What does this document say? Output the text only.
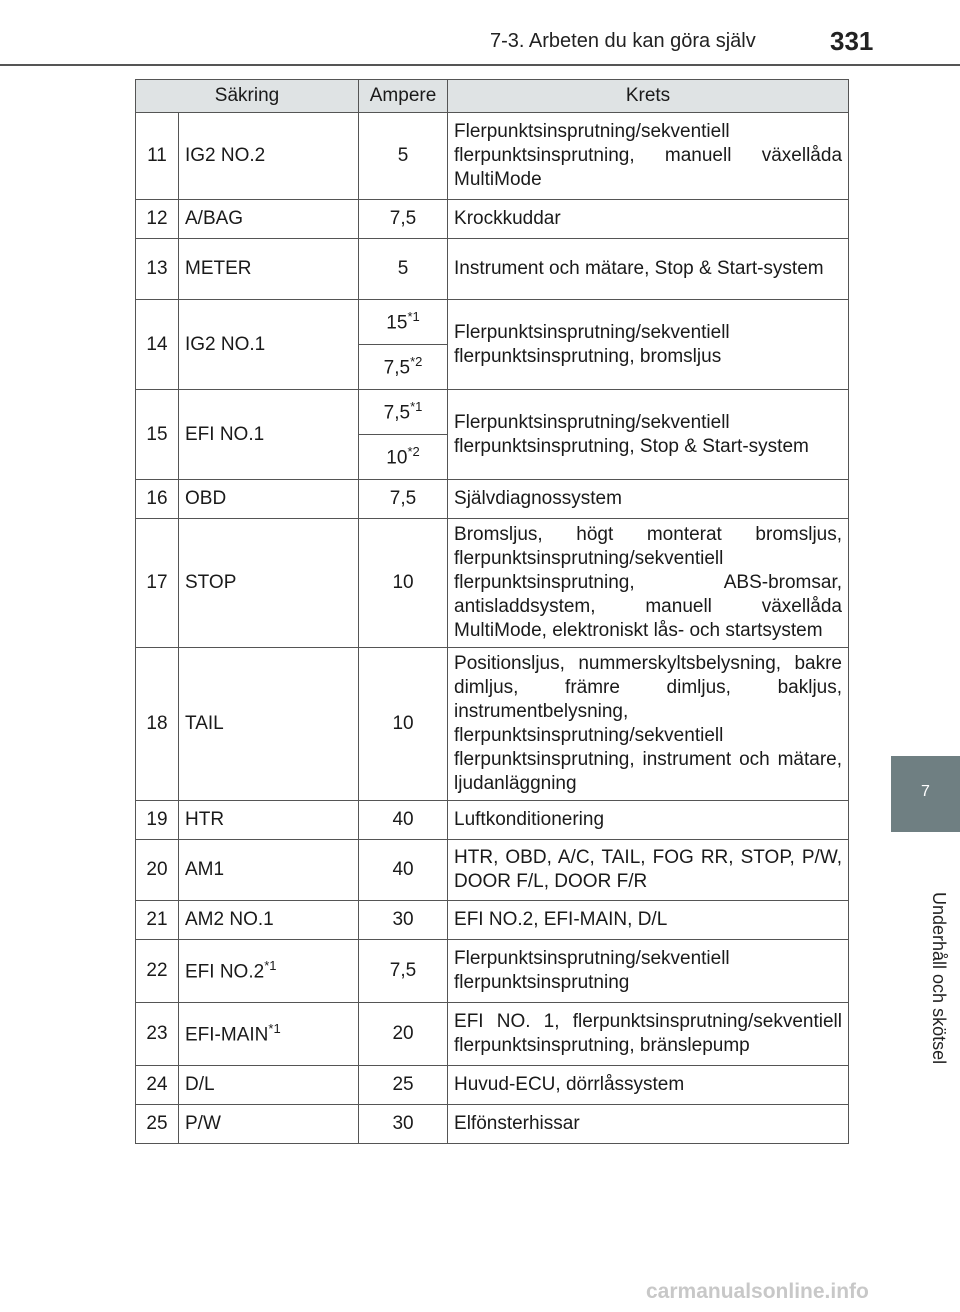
7-3. Arbeten du kan göra själv	331
7
Underhåll och skötsel
Säkring		Ampere	Krets
11	IG2 NO.2	5	Flerpunktsinsprutning/sekventiell flerpunktsinsprutning, manuell växellåda MultiMode
12	A/BAG	7,5	Krockkuddar
13	METER	5	Instrument och mätare, Stop & Start-system
14	IG2 NO.1	15$^{*1}$	Flerpunktsinsprutning/sekventiell flerpunktsinsprutning, bromsljus
		7,5$^{*2}$
15	EFI NO.1	7,5$^{*1}$	Flerpunktsinsprutning/sekventiell flerpunktsinsprutning, Stop & Start-system
		10$^{*2}$
16	OBD	7,5	Självdiagnossystem
17	STOP	10	Bromsljus, högt monterat bromsljus, flerpunktsinsprutning/sekventiell flerpunktsinsprutning, ABS-bromsar, antisladdsystem, manuell växellåda MultiMode, elektroniskt lås- och startsystem
18	TAIL	10	Positionsljus, nummerskyltsbelysning, bakre dimljus, främre dimljus, bakljus, instrumentbelysning, flerpunktsinsprutning/sekventiell flerpunktsinsprutning, instrument och mätare, ljudanläggning
19	HTR	40	Luftkonditionering
20	AM1	40	HTR, OBD, A/C, TAIL, FOG RR, STOP, P/W, DOOR F/L, DOOR F/R
21	AM2 NO.1	30	EFI NO.2, EFI-MAIN, D/L
22	EFI NO.2$^{*1}$	7,5	Flerpunktsinsprutning/sekventiell flerpunktsinsprutning
23	EFI-MAIN$^{*1}$	20	EFI NO. 1, flerpunktsinsprutning/sekventiell flerpunktsinsprutning, bränslepump
24	D/L	25	Huvud-ECU, dörrlåssystem
25	P/W	30	Elfönsterhissar
carmanualsonline.info
